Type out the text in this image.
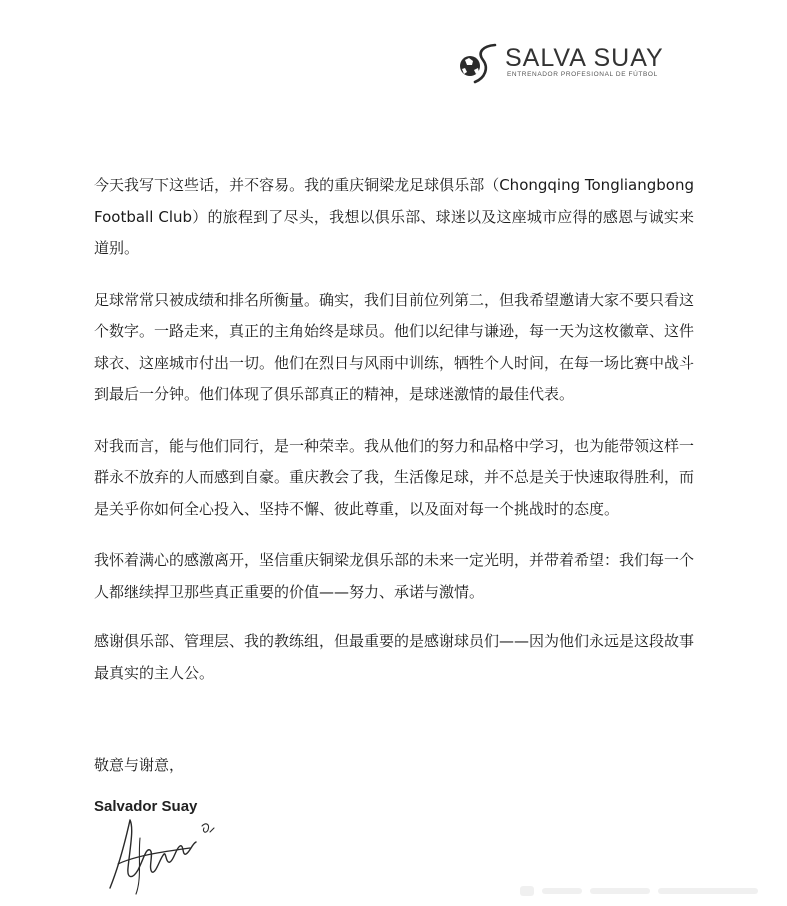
SALVA SUAY
ENTRENADOR PROFESIONAL DE FÚTBOL

今天我写下这些话，并不容易。我的重庆铜梁龙足球俱乐部（Chongqing Tongliangbong Football Club）的旅程到了尽头，我想以俱乐部、球迷以及这座城市应得的感恩与诚实来道别。

足球常常只被成绩和排名所衡量。确实，我们目前位列第二，但我希望邀请大家不要只看这个数字。一路走来，真正的主角始终是球员。他们以纪律与谦逊，每一天为这枚徽章、这件球衣、这座城市付出一切。他们在烈日与风雨中训练，牺牲个人时间，在每一场比赛中战斗到最后一分钟。他们体现了俱乐部真正的精神，是球迷激情的最佳代表。

对我而言，能与他们同行，是一种荣幸。我从他们的努力和品格中学习，也为能带领这样一群永不放弃的人而感到自豪。重庆教会了我，生活像足球，并不总是关于快速取得胜利，而是关乎你如何全心投入、坚持不懈、彼此尊重，以及面对每一个挑战时的态度。

我怀着满心的感激离开，坚信重庆铜梁龙俱乐部的未来一定光明，并带着希望：我们每一个人都继续捍卫那些真正重要的价值——努力、承诺与激情。

感谢俱乐部、管理层、我的教练组，但最重要的是感谢球员们——因为他们永远是这段故事最真实的主人公。

敬意与谢意，
Salvador Suay
